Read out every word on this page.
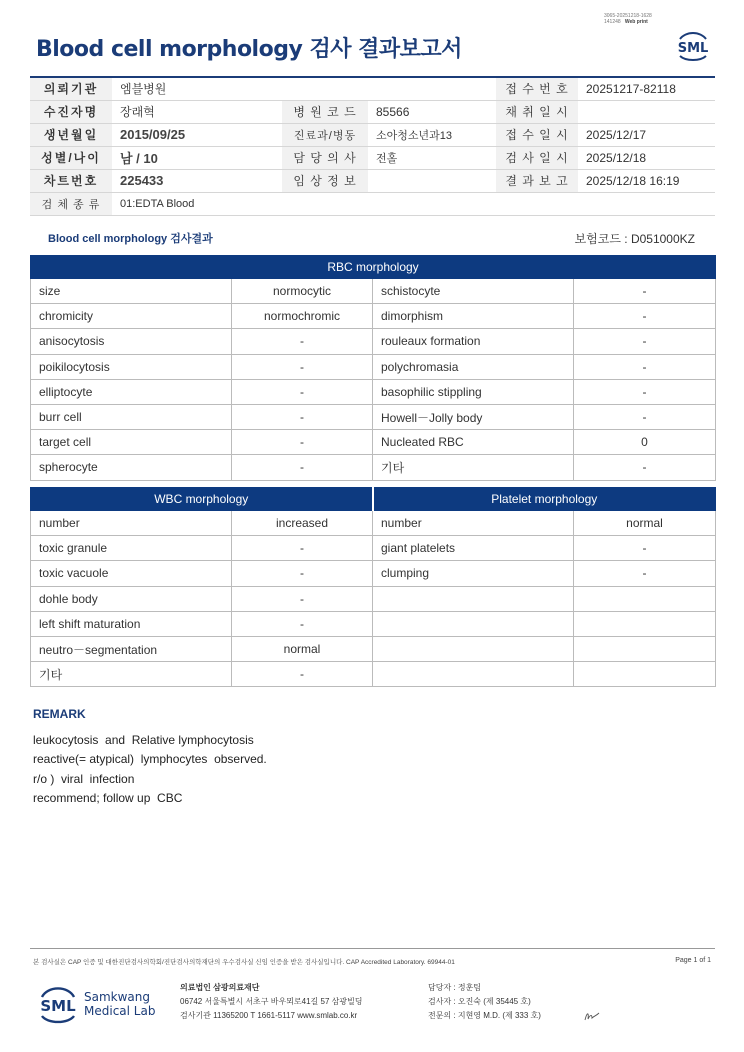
3065-20251218-1628
141248 Web print
Blood cell morphology 검사 결과보고서	SML
의뢰기관	엠블병원			접 수 번 호	20251217-82118
수진자명	장래혁	병 원 코 드	85566	채 취 일 시	
생년월일	2015/09/25	진료과/병동	소아청소년과13	접 수 일 시	2025/12/17
성별/나이	남 / 10	담 당 의 사	전홀	검 사 일 시	2025/12/18
차트번호	225433	임 상 정 보		결 과 보 고	2025/12/18 16:19
검 체 종 류	01:EDTA Blood				
Blood cell morphology 검사결과	보험코드 : D051000KZ
RBC morphology			
size	normocytic	schistocyte	-
chromicity	normochromic	dimorphism	-
anisocytosis	-	rouleaux formation	-
poikilocytosis	-	polychromasia	-
elliptocyte	-	basophilic stippling	-
burr cell	-	Howell－Jolly body	-
target cell	-	Nucleated RBC	0
spherocyte	-	기타	-
WBC morphology		Platelet morphology	
number	increased	number	normal
toxic granule	-	giant platelets	-
toxic vacuole	-	clumping	-
dohle body	-		
left shift maturation	-		
neutro－segmentation	normal		
기타	-		
REMARK
leukocytosis  and  Relative lymphocytosis
reactive(= atypical)  lymphocytes  observed.
r/o )  viral  infection
recommend; follow up  CBC
본 검사실은 CAP 인증 및 대한진단검사의학회/진단검사의학재단의 우수검사실 신임 인증을 받은 검사실입니다. CAP Accredited Laboratory. 69944-01	Page 1 of 1
SML Samkwang
Medical Lab
의료법인 삼광의료재단
06742 서울특별시 서초구 바우뫼로41길 57 삼광빌딩
검사기관 11365200 T 1661-5117 www.smlab.co.kr
담당자 : 정훈팀
검사자 : 오진숙 (제 35445 호)
전문의 : 지현영 M.D. (제 333 호)
